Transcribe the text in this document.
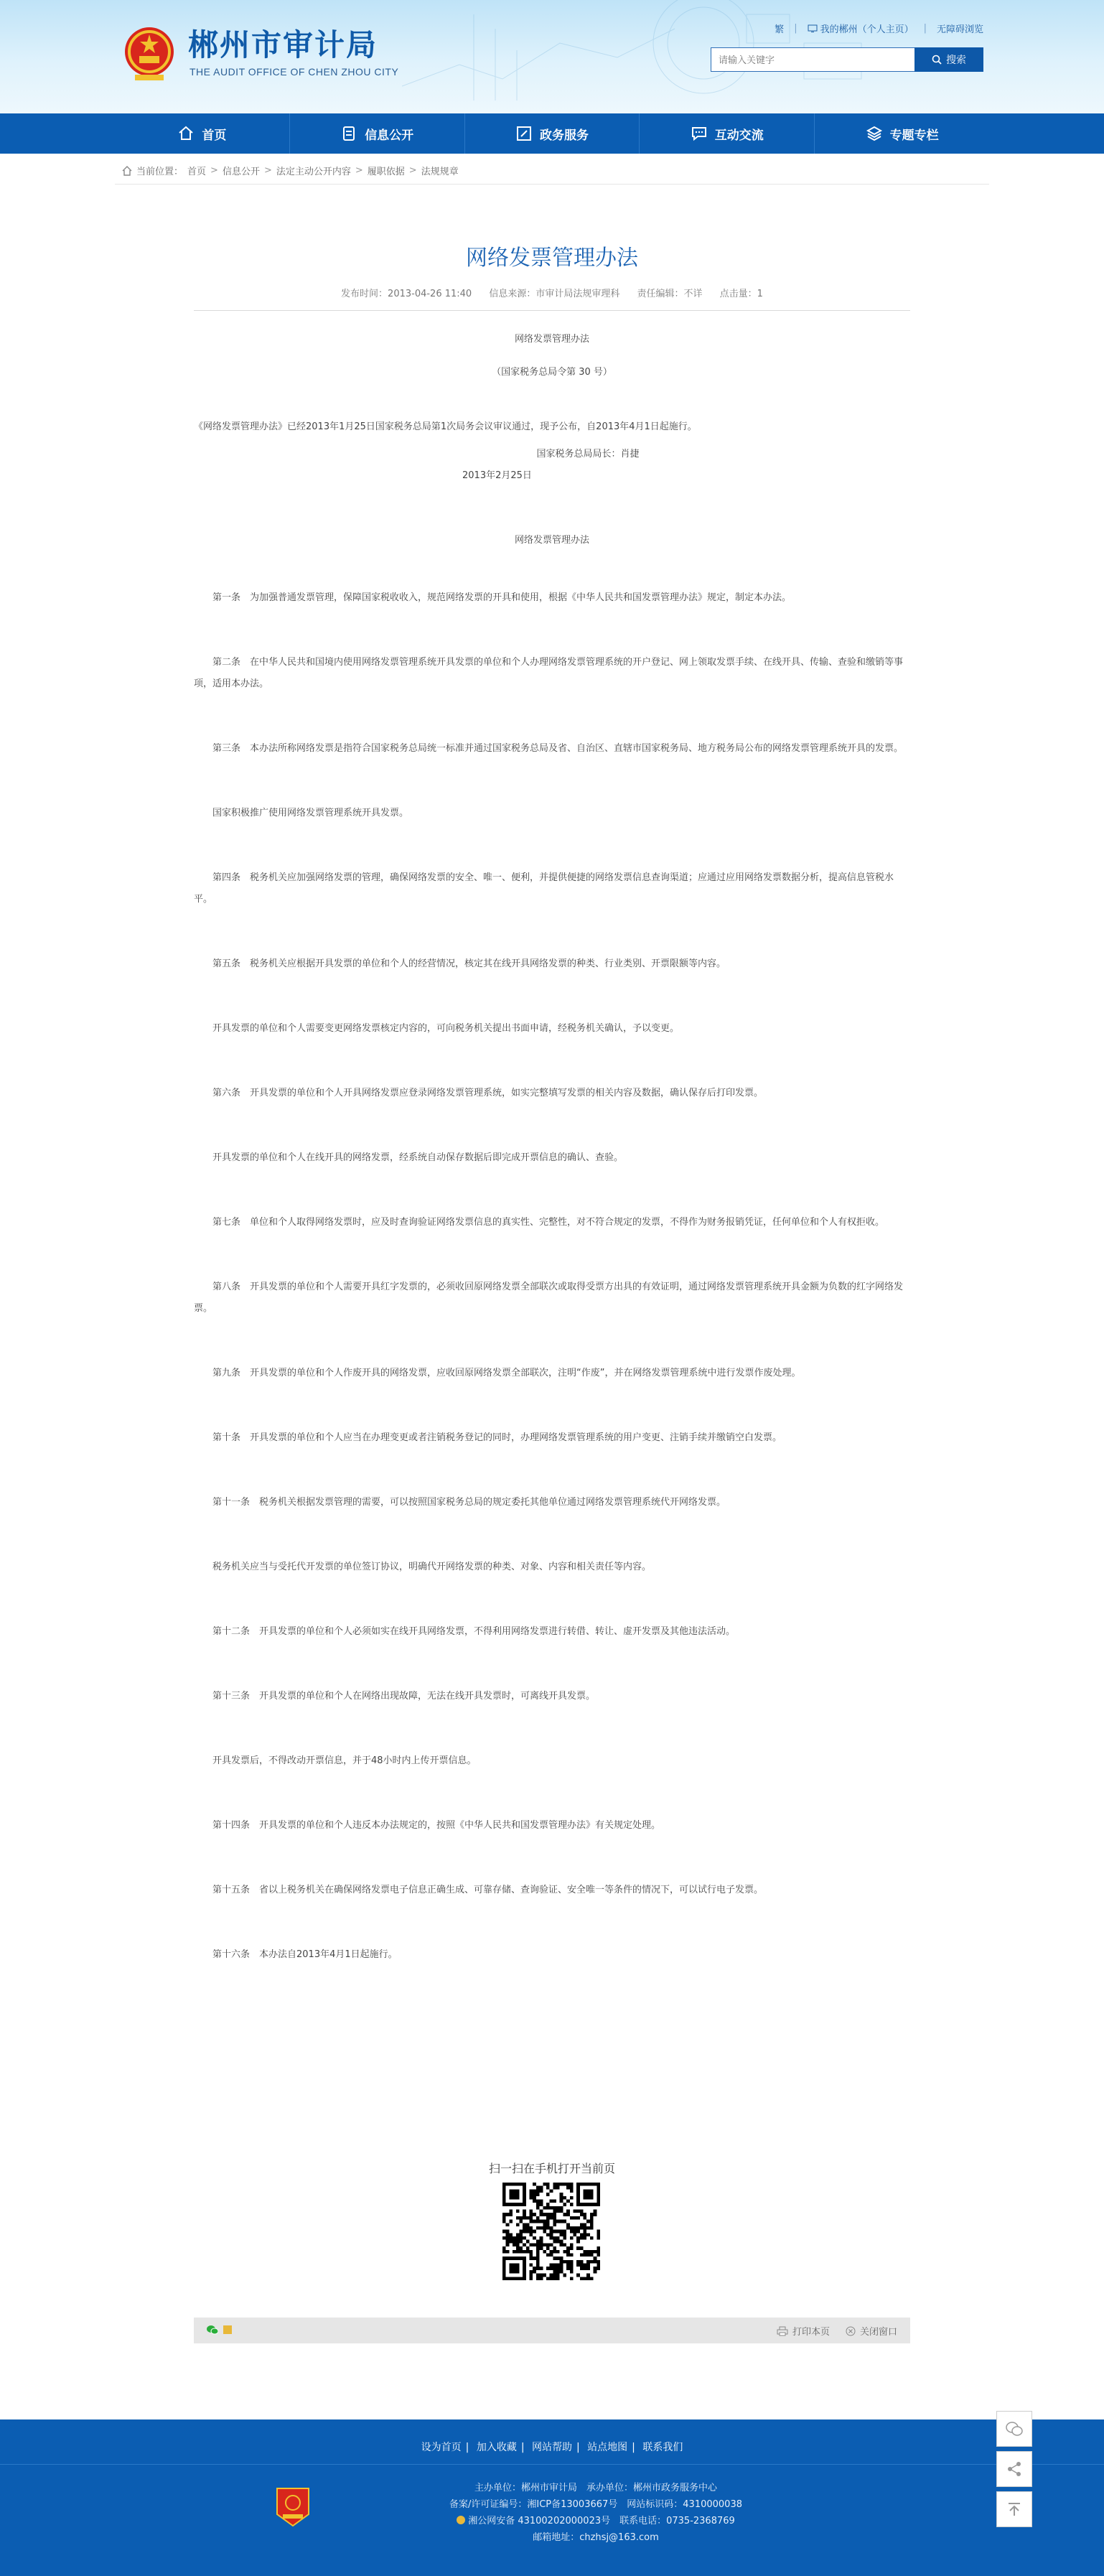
郴州市审计局
THE AUDIT OFFICE OF CHEN ZHOU CITY
繁 | 我的郴州（个人主页） | 无障碍浏览
请输入关键字
搜索
首页	信息公开	政务服务	互动交流	专题专栏
当前位置： 首页 > 信息公开 > 法定主动公开内容 > 履职依据 > 法规规章
网络发票管理办法
发布时间：2013-04-26 11:40 信息来源：市审计局法规审理科 责任编辑：不详 点击量：1

网络发票管理办法

（国家税务总局令第 30 号）

《网络发票管理办法》已经2013年1月25日国家税务总局第1次局务会议审议通过，现予公布，自2013年4月1日起施行。

国家税务总局局长：肖捷

2013年2月25日

网络发票管理办法

第一条　为加强普通发票管理，保障国家税收收入，规范网络发票的开具和使用，根据《中华人民共和国发票管理办法》规定，制定本办法。

第二条　在中华人民共和国境内使用网络发票管理系统开具发票的单位和个人办理网络发票管理系统的开户登记、网上领取发票手续、在线开具、传输、查验和缴销等事项，适用本办法。

第三条　本办法所称网络发票是指符合国家税务总局统一标准并通过国家税务总局及省、自治区、直辖市国家税务局、地方税务局公布的网络发票管理系统开具的发票。

国家积极推广使用网络发票管理系统开具发票。

第四条　税务机关应加强网络发票的管理，确保网络发票的安全、唯一、便利，并提供便捷的网络发票信息查询渠道；应通过应用网络发票数据分析，提高信息管税水平。

第五条　税务机关应根据开具发票的单位和个人的经营情况，核定其在线开具网络发票的种类、行业类别、开票限额等内容。

开具发票的单位和个人需要变更网络发票核定内容的，可向税务机关提出书面申请，经税务机关确认，予以变更。

第六条　开具发票的单位和个人开具网络发票应登录网络发票管理系统，如实完整填写发票的相关内容及数据，确认保存后打印发票。

开具发票的单位和个人在线开具的网络发票，经系统自动保存数据后即完成开票信息的确认、查验。

第七条　单位和个人取得网络发票时，应及时查询验证网络发票信息的真实性、完整性，对不符合规定的发票，不得作为财务报销凭证，任何单位和个人有权拒收。

第八条　开具发票的单位和个人需要开具红字发票的，必须收回原网络发票全部联次或取得受票方出具的有效证明，通过网络发票管理系统开具金额为负数的红字网络发票。

第九条　开具发票的单位和个人作废开具的网络发票，应收回原网络发票全部联次，注明“作废”，并在网络发票管理系统中进行发票作废处理。

第十条　开具发票的单位和个人应当在办理变更或者注销税务登记的同时，办理网络发票管理系统的用户变更、注销手续并缴销空白发票。

第十一条　税务机关根据发票管理的需要，可以按照国家税务总局的规定委托其他单位通过网络发票管理系统代开网络发票。

税务机关应当与受托代开发票的单位签订协议，明确代开网络发票的种类、对象、内容和相关责任等内容。

第十二条　开具发票的单位和个人必须如实在线开具网络发票，不得利用网络发票进行转借、转让、虚开发票及其他违法活动。

第十三条　开具发票的单位和个人在网络出现故障，无法在线开具发票时，可离线开具发票。

开具发票后，不得改动开票信息，并于48小时内上传开票信息。

第十四条　开具发票的单位和个人违反本办法规定的，按照《中华人民共和国发票管理办法》有关规定处理。

第十五条　省以上税务机关在确保网络发票电子信息正确生成、可靠存储、查询验证、安全唯一等条件的情况下，可以试行电子发票。

第十六条　本办法自2013年4月1日起施行。

扫一扫在手机打开当前页
打印本页	关闭窗口
设为首页 | 加入收藏 | 网站帮助 | 站点地图 | 联系我们
主办单位：郴州市审计局　承办单位：郴州市政务服务中心
备案/许可证编号：湘ICP备13003667号　网站标识码：4310000038
湘公网安备 43100202000023号　联系电话：0735-2368769
邮箱地址：chzhsj@163.com
